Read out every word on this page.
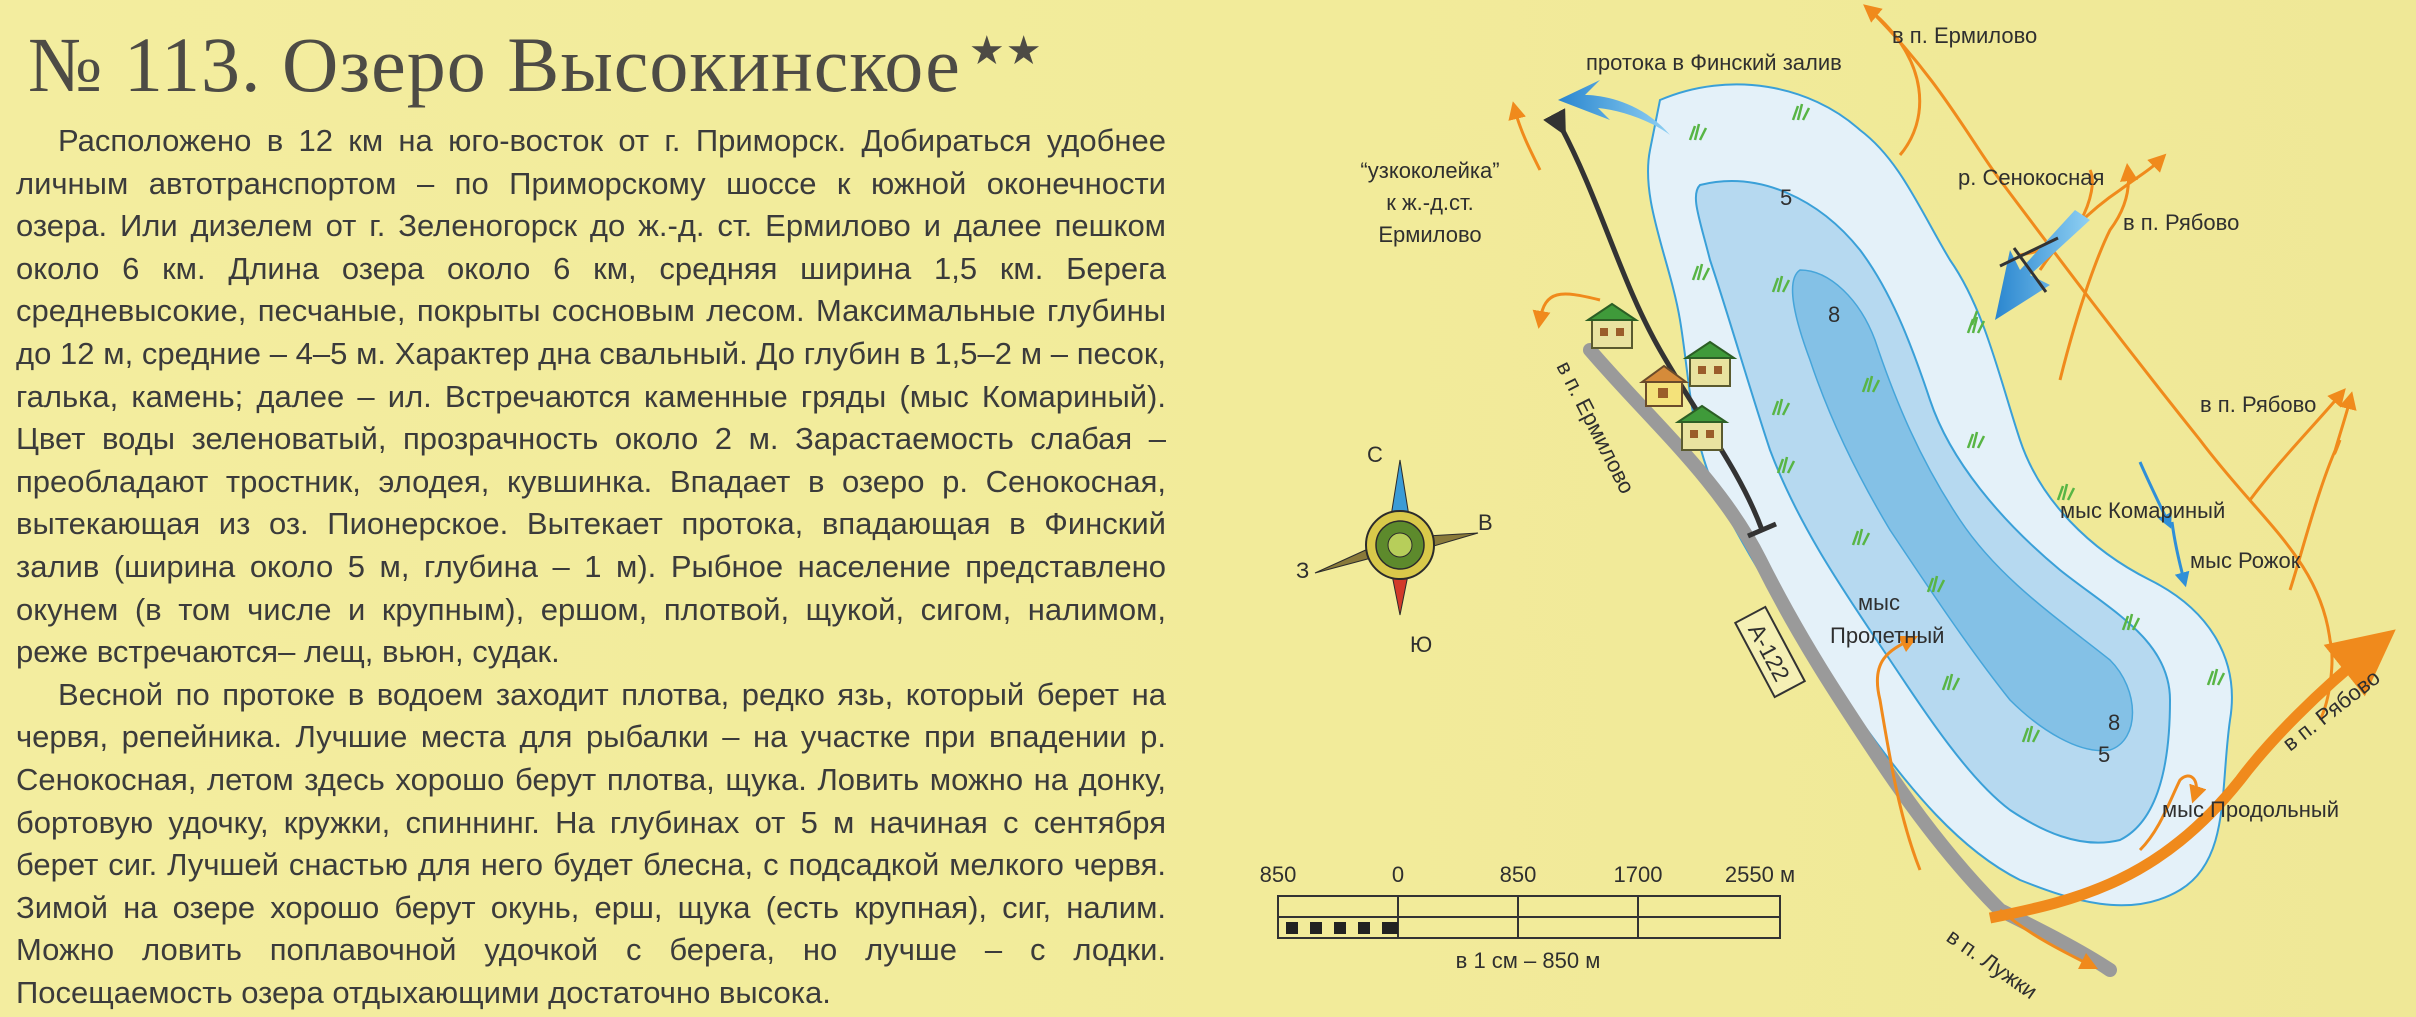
№ 113. Озеро Высокинское ★★

Расположено в 12 км на юго-восток от г. Приморск. Добираться удобнее личным автотранспортом – по Приморскому шоссе к южной оконечности озера. Или дизелем от г. Зеленогорск до ж.-д. ст. Ермилово и далее пешком около 6 км. Длина озера около 6 км, средняя ширина 1,5 км. Берега средневысокие, песчаные, покрыты сосновым лесом. Максимальные глубины до 12 м, средние – 4–5 м. Характер дна свальный. До глубин в 1,5–2 м – песок, галька, камень; далее – ил. Встречаются каменные гряды (мыс Комариный). Цвет воды зеленоватый, прозрачность около 2 м. Зарастаемость слабая – преобладают тростник, элодея, кувшинка. Впадает в озеро р. Сенокосная, вытекающая из оз. Пионерское. Вытекает протока, впадающая в Финский залив (ширина около 5 м, глубина – 1 м). Рыбное население представлено окунем (в том числе и крупным), ершом, плотвой, щукой, сигом, налимом, реже встречаются– лещ, вьюн, судак.

Весной по протоке в водоем заходит плотва, редко язь, который берет на червя, репейника. Лучшие места для рыбалки – на участке при впадении р. Сенокосная, летом здесь хорошо берут плотва, щука. Ловить можно на донку, бортовую удочку, кружки, спиннинг. На глубинах от 5 м начиная с сентября берет сиг. Лучшей снастью для него будет блесна, с подсадкой мелкого червя. Зимой на озере хорошо берут окунь, ерш, щука (есть крупная), сиг, налим. Можно ловить поплавочной удочкой с берега, но лучше – с лодки. Посещаемость озера отдыхающими достаточно высока.

5
8
8
5
А-122
протока в Финский залив
“узкоколейка”
к ж.-д.ст.
Ермилово
в п. Ермилово
в п. Ермилово
р. Сенокосная
в п. Рябово
в п. Рябово
в п. Рябово
мыс Комариный
мыс Рожок
мыс
Пролетный
мыс Продольный
в п. Лужки
С
В
Ю
З
850	0	850	1700	2550 м
в 1 см – 850 м
